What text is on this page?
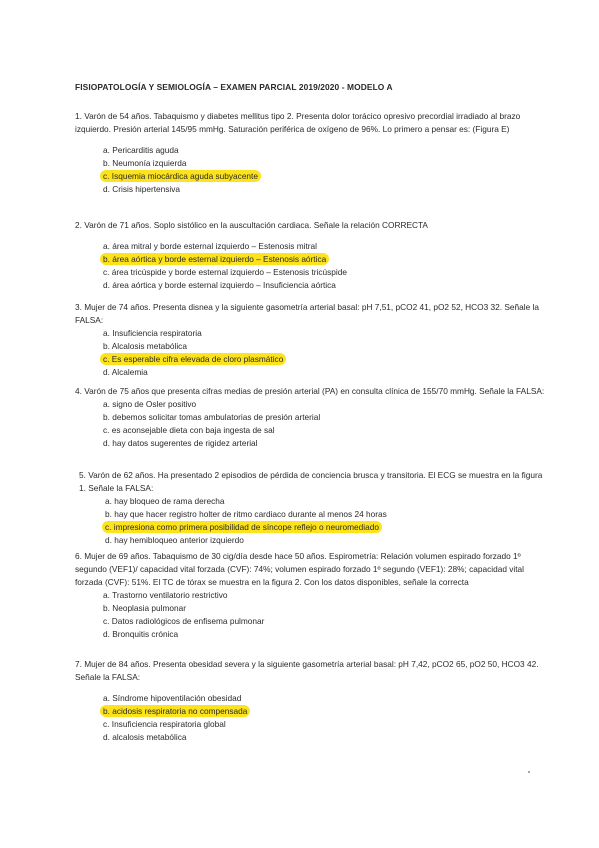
FISIOPATOLOGÍA Y SEMIOLOGÍA – EXAMEN PARCIAL 2019/2020 - MODELO A

1. Varón de 54 años. Tabaquismo y diabetes mellitus tipo 2. Presenta dolor torácico opresivo precordial irradiado al brazo izquierdo. Presión arterial 145/95 mmHg. Saturación periférica de oxígeno de 96%. Lo primero a pensar es: (Figura E)

a. Pericarditis aguda
b. Neumonía izquierda
c. Isquemia miocárdica aguda subyacente
d. Crisis hipertensiva

2. Varón de 71 años. Soplo sistólico en la auscultación cardiaca. Señale la relación CORRECTA

a. área mitral y borde esternal izquierdo – Estenosis mitral
b. área aórtica y borde esternal izquierdo – Estenosis aórtica
c. área tricúspide y borde esternal izquierdo – Estenosis tricúspide
d. área aórtica y borde esternal izquierdo – Insuficiencia aórtica

3. Mujer de 74 años. Presenta disnea y la siguiente gasometría arterial basal: pH 7,51, pCO2 41, pO2 52, HCO3 32. Señale la FALSA:

a. Insuficiencia respiratoria
b. Alcalosis metabólica
c. Es esperable cifra elevada de cloro plasmático
d. Alcalemia

4. Varón de 75 años que presenta cifras medias de presión arterial (PA) en consulta clínica de 155/70 mmHg. Señale la FALSA:

a. signo de Osler positivo
b. debemos solicitar tomas ambulatorias de presión arterial
c. es aconsejable dieta con baja ingesta de sal
d. hay datos sugerentes de rigidez arterial

5. Varón de 62 años. Ha presentado 2 episodios de pérdida de conciencia brusca y transitoria. El ECG se muestra en la figura 1. Señale la FALSA:

a. hay bloqueo de rama derecha
b. hay que hacer registro holter de ritmo cardiaco durante al menos 24 horas
c. impresiona como primera posibilidad de síncope reflejo o neuromediado
d. hay hemibloqueo anterior izquierdo

6. Mujer de 69 años. Tabaquismo de 30 cig/día desde hace 50 años. Espirometría: Relación volumen espirado forzado 1º segundo (VEF1)/ capacidad vital forzada (CVF): 74%; volumen espirado forzado 1º segundo (VEF1): 28%; capacidad vital forzada (CVF): 51%. El TC de tórax se muestra en la figura 2. Con los datos disponibles, señale la correcta

a. Trastorno ventilatorio restrictivo
b. Neoplasia pulmonar
c. Datos radiológicos de enfisema pulmonar
d. Bronquitis crónica

7. Mujer de 84 años. Presenta obesidad severa y la siguiente gasometría arterial basal: pH 7,42, pCO2 65, pO2 50, HCO3 42. Señale la FALSA:

a. Síndrome hipoventilación obesidad
b. acidosis respiratoria no compensada
c. Insuficiencia respiratoria global
d. alcalosis metabólica
